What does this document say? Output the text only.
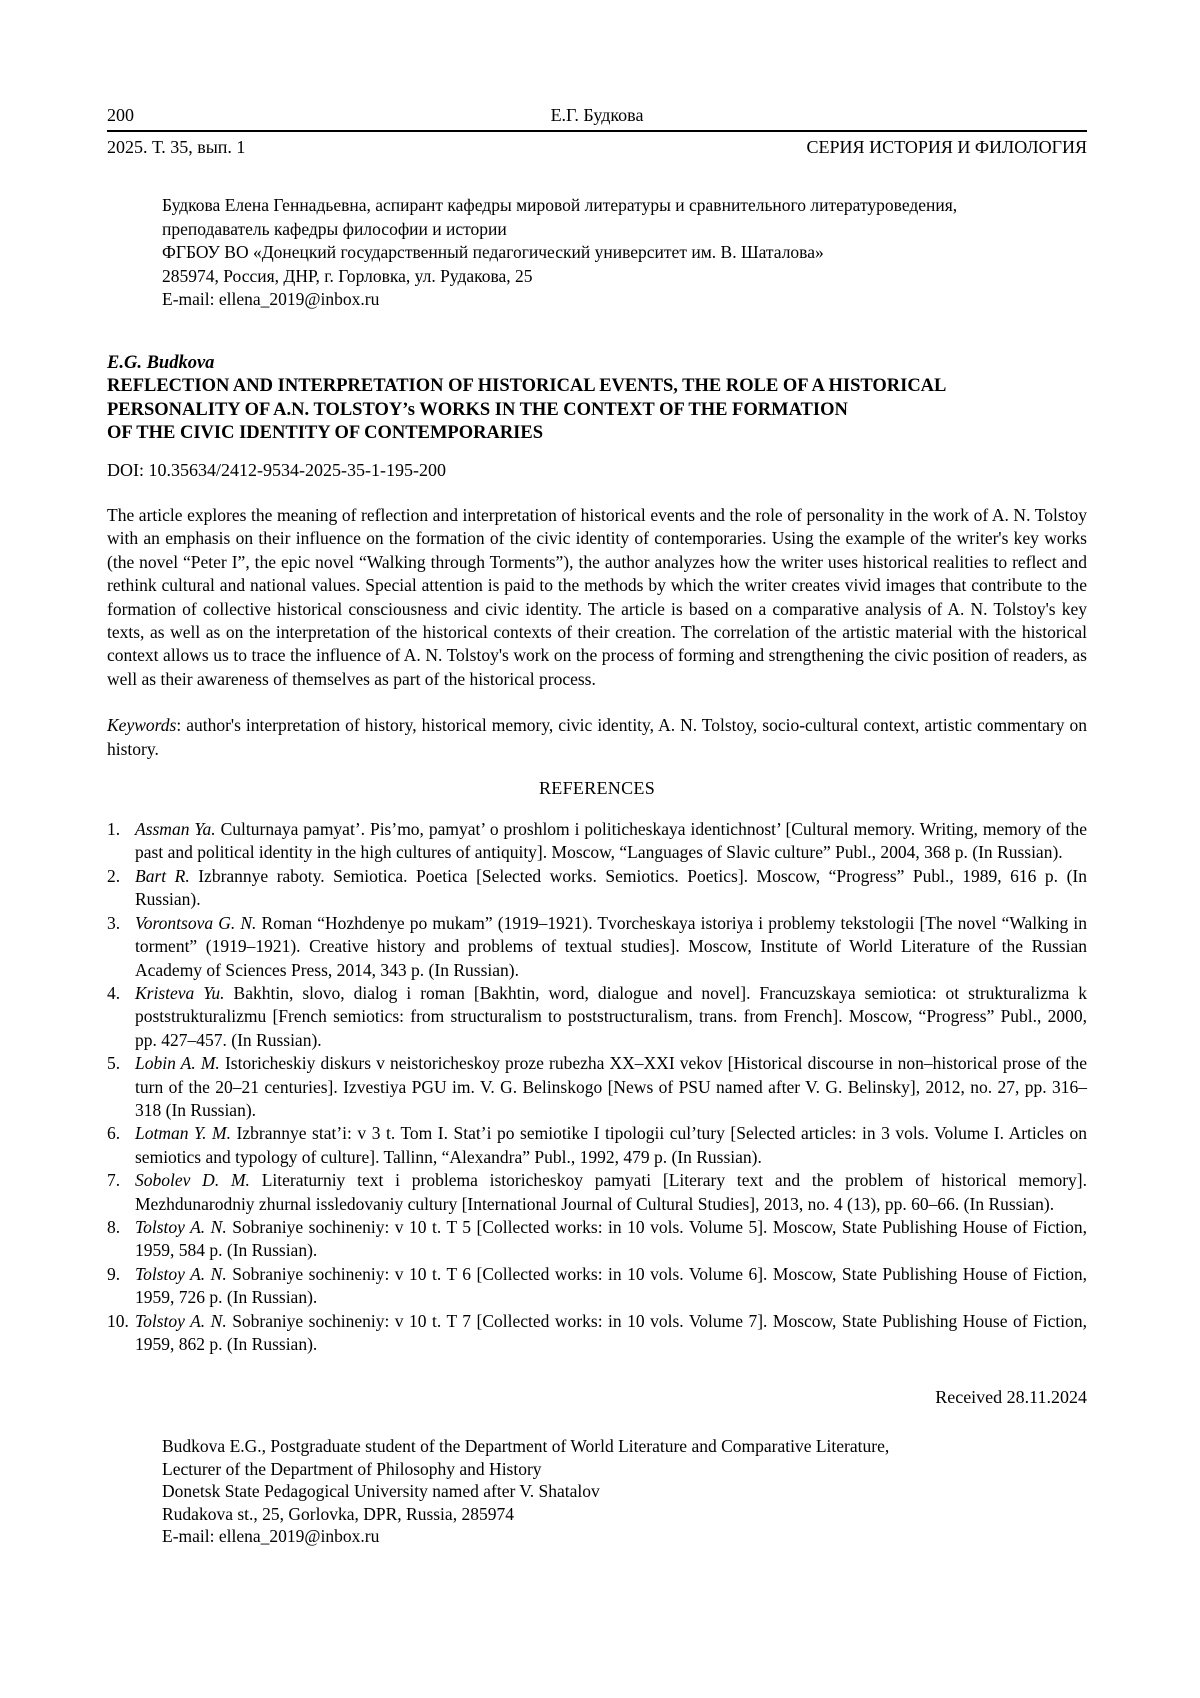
200	Е.Г. Будкова
2025. Т. 35, вып. 1	СЕРИЯ ИСТОРИЯ И ФИЛОЛОГИЯ
Будкова Елена Геннадьевна, аспирант кафедры мировой литературы и сравнительного литературоведения,
преподаватель кафедры философии и истории
ФГБОУ ВО «Донецкий государственный педагогический университет им. В. Шаталова»
285974, Россия, ДНР, г. Горловка, ул. Рудакова, 25
E-mail: ellena_2019@inbox.ru
E.G. Budkova
REFLECTION AND INTERPRETATION OF HISTORICAL EVENTS, THE ROLE OF A HISTORICAL
PERSONALITY OF A.N. TOLSTOY’s WORKS IN THE CONTEXT OF THE FORMATION
OF THE CIVIC IDENTITY OF CONTEMPORARIES
DOI: 10.35634/2412-9534-2025-35-1-195-200

The article explores the meaning of reflection and interpretation of historical events and the role of personality in the work of A. N. Tolstoy with an emphasis on their influence on the formation of the civic identity of contemporaries. Using the example of the writer's key works (the novel “Peter I”, the epic novel “Walking through Torments”), the author analyzes how the writer uses historical realities to reflect and rethink cultural and national values. Special attention is paid to the methods by which the writer creates vivid images that contribute to the formation of collective historical consciousness and civic identity. The article is based on a comparative analysis of A. N. Tolstoy's key texts, as well as on the interpretation of the historical contexts of their creation. The correlation of the artistic material with the historical context allows us to trace the influence of A. N. Tolstoy's work on the process of forming and strengthening the civic position of readers, as well as their awareness of themselves as part of the historical process.

Keywords: author's interpretation of history, historical memory, civic identity, A. N. Tolstoy, socio-cultural context, artistic commentary on history.

REFERENCES
1. Assman Ya. Culturnaya pamyat’. Pis’mo, pamyat’ o proshlom i politicheskaya identichnost’ [Cultural memory. Writing, memory of the past and political identity in the high cultures of antiquity]. Moscow, “Languages of Slavic culture” Publ., 2004, 368 p. (In Russian).
2. Bart R. Izbrannye raboty. Semiotica. Poetica [Selected works. Semiotics. Poetics]. Moscow, “Progress” Publ., 1989, 616 p. (In Russian).
3. Vorontsova G. N. Roman “Hozhdenye po mukam” (1919–1921). Tvorcheskaya istoriya i problemy tekstologii [The novel “Walking in torment” (1919–1921). Creative history and problems of textual studies]. Moscow, Institute of World Literature of the Russian Academy of Sciences Press, 2014, 343 p. (In Russian).
4. Kristeva Yu. Bakhtin, slovo, dialog i roman [Bakhtin, word, dialogue and novel]. Francuzskaya semiotica: ot strukturalizma k poststrukturalizmu [French semiotics: from structuralism to poststructuralism, trans. from French]. Moscow, “Progress” Publ., 2000, pp. 427–457. (In Russian).
5. Lobin A. M. Istoricheskiy diskurs v neistoricheskoy proze rubezha XX–XXI vekov [Historical discourse in non–historical prose of the turn of the 20–21 centuries]. Izvestiya PGU im. V. G. Belinskogo [News of PSU named after V. G. Belinsky], 2012, no. 27, pp. 316–318 (In Russian).
6. Lotman Y. M. Izbrannye stat’i: v 3 t. Tom I. Stat’i po semiotike I tipologii cul’tury [Selected articles: in 3 vols. Volume I. Articles on semiotics and typology of culture]. Tallinn, “Alexandra” Publ., 1992, 479 p. (In Russian).
7. Sobolev D. M. Literaturniy text i problema istoricheskoy pamyati [Literary text and the problem of historical memory]. Mezhdunarodniy zhurnal issledovaniy cultury [International Journal of Cultural Studies], 2013, no. 4 (13), pp. 60–66. (In Russian).
8. Tolstoy A. N. Sobraniye sochineniy: v 10 t. T 5 [Collected works: in 10 vols. Volume 5]. Moscow, State Publishing House of Fiction, 1959, 584 p. (In Russian).
9. Tolstoy A. N. Sobraniye sochineniy: v 10 t. T 6 [Collected works: in 10 vols. Volume 6]. Moscow, State Publishing House of Fiction, 1959, 726 p. (In Russian).
10. Tolstoy A. N. Sobraniye sochineniy: v 10 t. T 7 [Collected works: in 10 vols. Volume 7]. Moscow, State Publishing House of Fiction, 1959, 862 p. (In Russian).
Received 28.11.2024
Budkova E.G., Postgraduate student of the Department of World Literature and Comparative Literature,
Lecturer of the Department of Philosophy and History
Donetsk State Pedagogical University named after V. Shatalov
Rudakova st., 25, Gorlovka, DPR, Russia, 285974
E-mail: ellena_2019@inbox.ru
